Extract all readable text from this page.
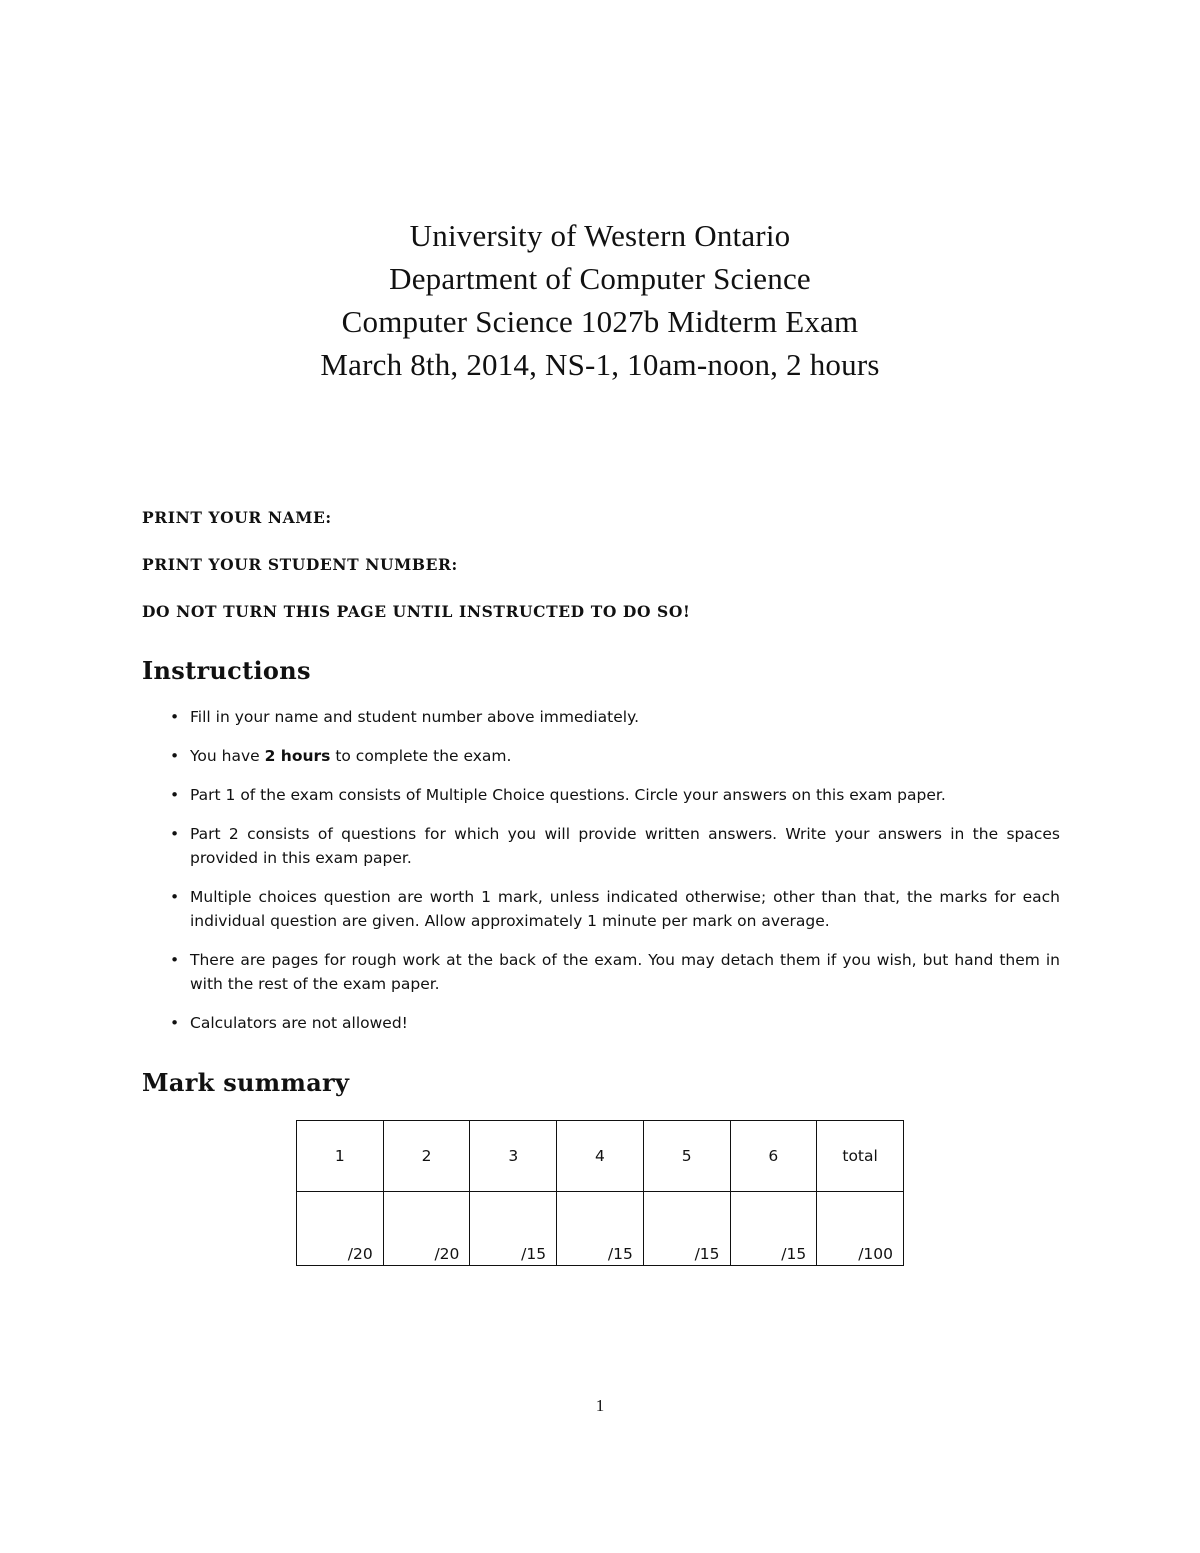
University of Western Ontario
Department of Computer Science
Computer Science 1027b Midterm Exam
March 8th, 2014, NS-1, 10am-noon, 2 hours
PRINT YOUR NAME:
PRINT YOUR STUDENT NUMBER:
DO NOT TURN THIS PAGE UNTIL INSTRUCTED TO DO SO!
Instructions
• Fill in your name and student number above immediately.
• You have 2 hours to complete the exam.
• Part 1 of the exam consists of Multiple Choice questions. Circle your answers on this exam paper.
• Part 2 consists of questions for which you will provide written answers. Write your answers in the spaces provided in this exam paper.
• Multiple choices question are worth 1 mark, unless indicated otherwise; other than that, the marks for each individual question are given. Allow approximately 1 minute per mark on average.
• There are pages for rough work at the back of the exam. You may detach them if you wish, but hand them in with the rest of the exam paper.
• Calculators are not allowed!
Mark summary
1	2	3	4	5	6	total
/20	/20	/15	/15	/15	/15	/100
1
